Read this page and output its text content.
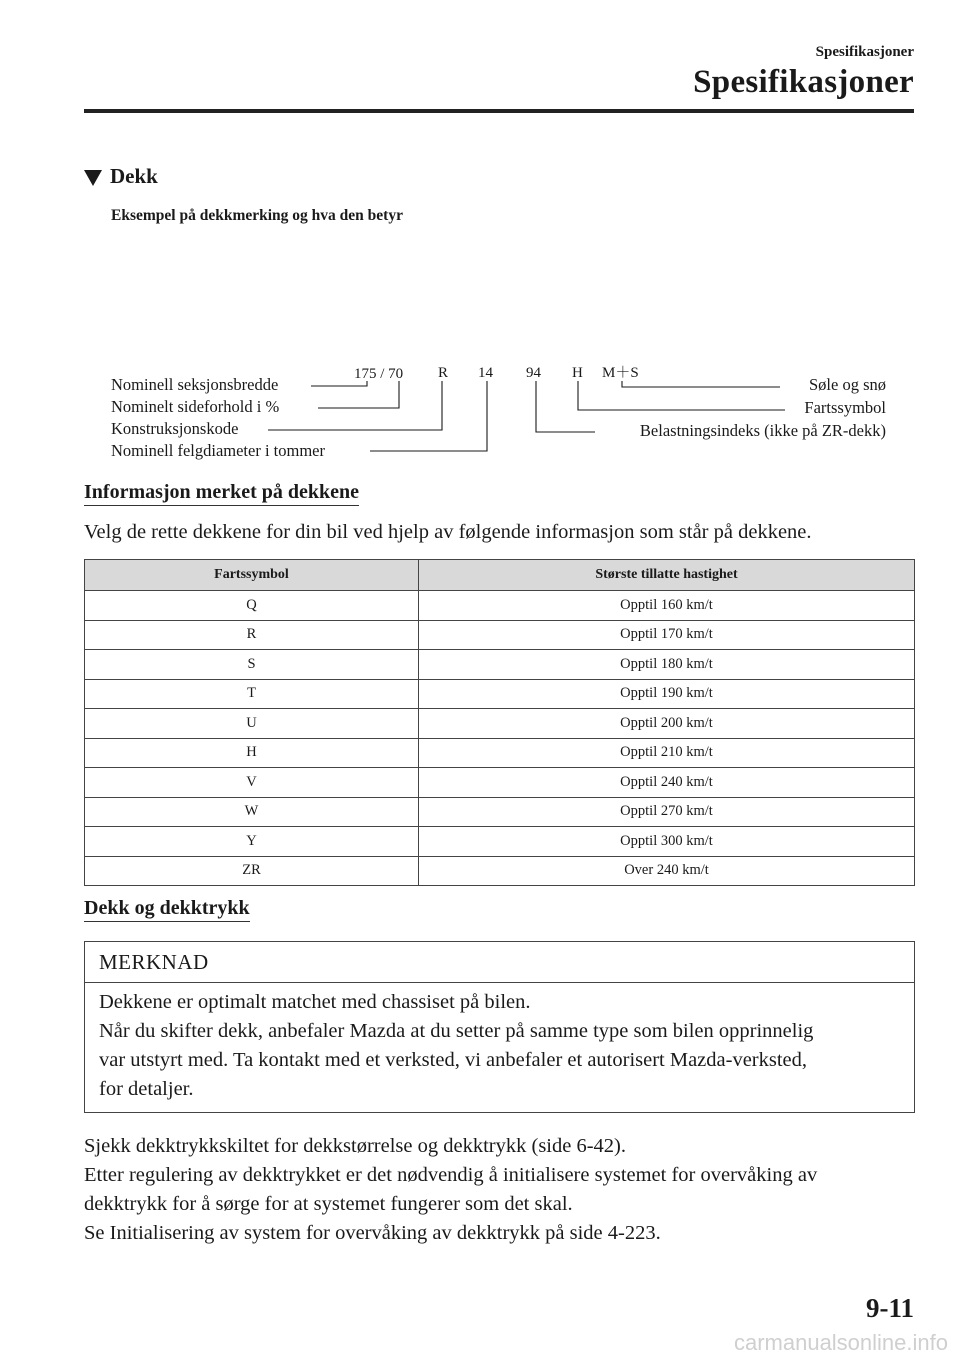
Spesifikasjoner
Spesifikasjoner
Dekk
Eksempel på dekkmerking og hva den betyr
175 / 70 R 14 94 H M＋S
Nominell seksjonsbredde
Nominelt sideforhold i %
Konstruksjonskode
Nominell felgdiameter i tommer
Søle og snø
Fartssymbol
Belastningsindeks (ikke på ZR-dekk)
Informasjon merket på dekkene
Velg de rette dekkene for din bil ved hjelp av følgende informasjon som står på dekkene.
Fartssymbol	Største tillatte hastighet
Q	Opptil 160 km/t
R	Opptil 170 km/t
S	Opptil 180 km/t
T	Opptil 190 km/t
U	Opptil 200 km/t
H	Opptil 210 km/t
V	Opptil 240 km/t
W	Opptil 270 km/t
Y	Opptil 300 km/t
ZR	Over 240 km/t
Dekk og dekktrykk
MERKNAD
Dekkene er optimalt matchet med chassiset på bilen.
Når du skifter dekk, anbefaler Mazda at du setter på samme type som bilen opprinnelig
var utstyrt med. Ta kontakt med et verksted, vi anbefaler et autorisert Mazda-verksted,
for detaljer.
Sjekk dekktrykkskiltet for dekkstørrelse og dekktrykk (side 6-42).
Etter regulering av dekktrykket er det nødvendig å initialisere systemet for overvåking av
dekktrykk for å sørge for at systemet fungerer som det skal.
Se Initialisering av system for overvåking av dekktrykk på side 4-223.
9-11
carmanualsonline.info
